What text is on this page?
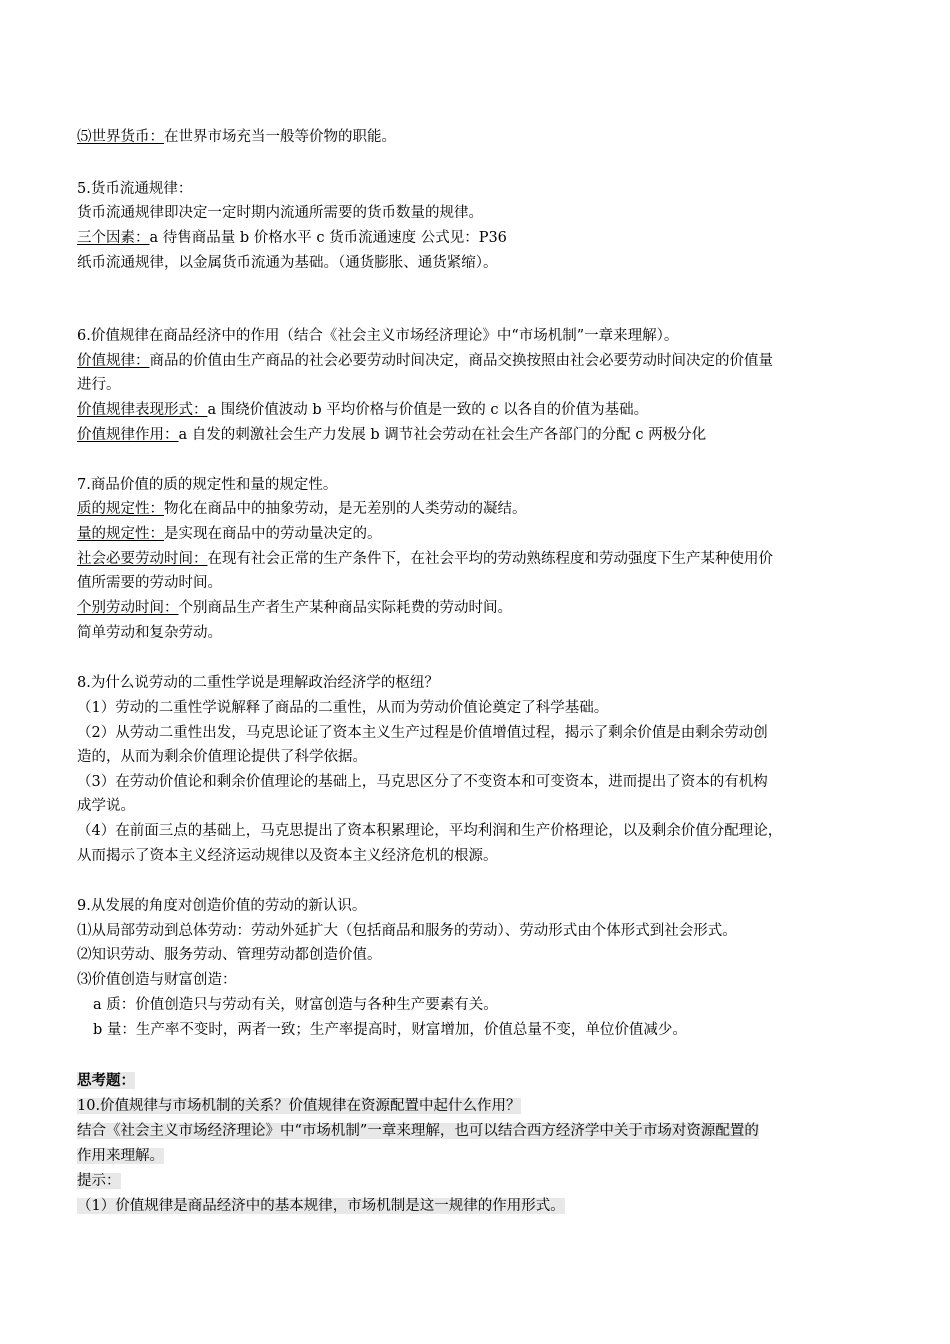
⑸世界货币：在世界市场充当一般等价物的职能。

5.货币流通规律：

货币流通规律即决定一定时期内流通所需要的货币数量的规律。

三个因素：a 待售商品量 b 价格水平 c 货币流通速度 公式见：P36

纸币流通规律，以金属货币流通为基础。（通货膨胀、通货紧缩）。

6.价值规律在商品经济中的作用（结合《社会主义市场经济理论》中“市场机制”一章来理解）。

价值规律：商品的价值由生产商品的社会必要劳动时间决定，商品交换按照由社会必要劳动时间决定的价值量

进行。

价值规律表现形式：a 围绕价值波动 b 平均价格与价值是一致的 c 以各自的价值为基础。

价值规律作用：a 自发的刺激社会生产力发展 b 调节社会劳动在社会生产各部门的分配 c 两极分化

7.商品价值的质的规定性和量的规定性。

质的规定性：物化在商品中的抽象劳动，是无差别的人类劳动的凝结。

量的规定性：是实现在商品中的劳动量决定的。

社会必要劳动时间：在现有社会正常的生产条件下，在社会平均的劳动熟练程度和劳动强度下生产某种使用价

值所需要的劳动时间。

个别劳动时间：个别商品生产者生产某种商品实际耗费的劳动时间。

简单劳动和复杂劳动。

8.为什么说劳动的二重性学说是理解政治经济学的枢纽？

（1）劳动的二重性学说解释了商品的二重性，从而为劳动价值论奠定了科学基础。

（2）从劳动二重性出发，马克思论证了资本主义生产过程是价值增值过程，揭示了剩余价值是由剩余劳动创

造的，从而为剩余价值理论提供了科学依据。

（3）在劳动价值论和剩余价值理论的基础上，马克思区分了不变资本和可变资本，进而提出了资本的有机构

成学说。

（4）在前面三点的基础上，马克思提出了资本积累理论，平均利润和生产价格理论，以及剩余价值分配理论，

从而揭示了资本主义经济运动规律以及资本主义经济危机的根源。

9.从发展的角度对创造价值的劳动的新认识。

⑴从局部劳动到总体劳动：劳动外延扩大（包括商品和服务的劳动）、劳动形式由个体形式到社会形式。

⑵知识劳动、服务劳动、管理劳动都创造价值。

⑶价值创造与财富创造：

a 质：价值创造只与劳动有关，财富创造与各种生产要素有关。

b 量：生产率不变时，两者一致；生产率提高时，财富增加，价值总量不变，单位价值减少。

思考题：

10.价值规律与市场机制的关系？价值规律在资源配置中起什么作用？

结合《社会主义市场经济理论》中“市场机制”一章来理解，也可以结合西方经济学中关于市场对资源配置的

作用来理解。

提示：

（1）价值规律是商品经济中的基本规律，市场机制是这一规律的作用形式。
